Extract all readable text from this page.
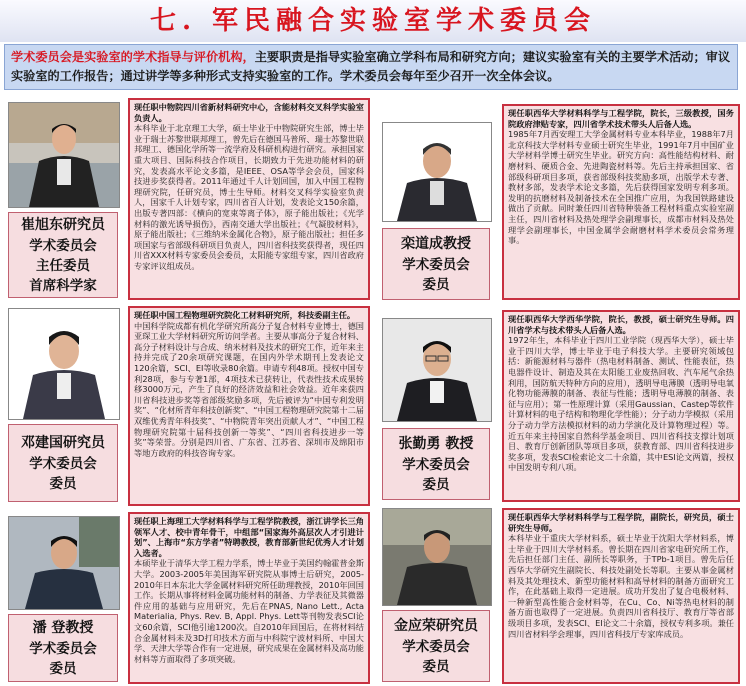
七. 军民融合实验室学术委员会
学术委员会是实验室的学术指导与评价机构，主要职责是指导实验室确立学科布局和研究方向；建议实验室有关的主要学术活动；审议实验室的工作报告；通过讲学等多种形式支持实验室的工作。学术委员会每年至少召开一次全体会议。
崔旭东研究员
学术委员会
主任委员
首席科学家
现任职中物院四川省新材料研究中心，含能材料交叉科学实验室负责人。
本科毕业于北京理工大学，硕士毕业于中物院研究生部，博士毕业于瑞士苏黎世联邦理工，曾先后在德国马普所、瑞士苏黎世联邦理工、德国化学所等一流学府及科研机构进行研究。承担国家重大项目、国际科技合作项目，长期致力于先进功能材料的研究，发表高水平论文多篇，是IEEE、OSA等学会会员，国家科技进步奖获得者。2011年通过千人计划回国，加入中国工程物理研究院，任研究员，博士生导师。材料交叉科学实验室负责人，国家千人计划专家，四川省百人计划，发表论文150余篇，出版专著四部：《横向的宽束等离子体》，原子能出版社；《光学材料的激光诱导损伤》，西南交通大学出版社；《气凝胶材料》，原子能出版社；《三维纳米金属化合物》，原子能出版社；担任多项国家与省部级科研项目负责人，四川省科技奖获得者，现任四川省XXX材料专家委员会委员，太阳能专家组专家，四川省政府专家评议组成员。
栾道成教授
学术委员会
委员
现任职西华大学材料科学与工程学院，院长，三级教授，国务院政府津贴专家，四川省学术技术带头人后备人选。
1985年7月西安理工大学金属材料专业本科毕业，1988年7月北京科技大学材料专业硕士研究生毕业，1991年7月中国矿业大学材料学博士研究生毕业。研究方向：高性能结构材料、耐磨材料、硬质合金、先进陶瓷材料等。先后主持承担国家、省部级科研项目多项，获省部级科技奖励多项，出版学术专著、教材多部，发表学术论文多篇，先后获得国家发明专利多项。发明的抗磨材料及制备技术在全国推广应用，为我国铁路建设做出了贡献。同时兼任四川省特种装备工程材料重点实验室副主任，四川省材料及热处理学会副理事长，成都市材料及热处理学会副理事长，中国金属学会耐磨材料学术委员会常务理事。
邓建国研究员
学术委员会
委员
现任职中国工程物理研究院化工材料研究所，科技委副主任。
中国科学院成都有机化学研究所高分子复合材料专业博士，德国亚琛工业大学材料研究所访问学者。主要从事高分子复合材料、高分子材料设计与合成、纳米材料及技术的研究工作，近年来主持并完成了20余项研究课题，在国内外学术期刊上发表论文120余篇，SCI、EI等收录80余篇。申请专利48项。授权中国专利28项，参与专著1部，4项技术已获转让，代表性技术成果转移3000万元，产生了良好的经济效益和社会效益。近年来获四川省科技进步奖等省部级奖励多项，先后被评为“中国专利发明奖”、“化材所青年科技创新奖”、“中国工程物理研究院第十二届双维优秀青年科技奖”、“中物院青年突出贡献人才”、“中国工程物理研究院第十届科技创新一等奖”、“四川省科技进步一等奖”等荣誉。分别是四川省、广东省、江苏省、深圳市及绵阳市等地方政府的科技咨询专家。
张勤勇 教授
学术委员会
委员
现任职西华大学西华学院，院长，教授，硕士研究生导师。四川省学术与技术带头人后备人选。
1972年生，本科毕业于四川工业学院（现西华大学），硕士毕业于四川大学，博士毕业于电子科技大学。主要研究领域包括：新能源材料与器件（热电材料制备、测试、性能表征，热电器件设计、制造及其在太阳能工业废热回收、汽车尾气余热利用，国防航天特种方向的应用），透明导电薄膜（透明导电氧化物功能薄膜的制备、表征与性能；透明导电薄膜的制备、表征与应用）；第一性原理计算（采用Gaussian、Castep等软件计算材料的电子结构和物理化学性能）；分子动力学模拟（采用分子动力学方法模拟材料的动力学演化及计算物理过程）等。近五年来主持国家自然科学基金项目、四川省科技支撑计划项目、教育厅创新团队等项目多项，获教育部、四川省科技进步奖多项，发表SCI检索论文二十余篇，其中ESI论文两篇，授权中国发明专利八项。
潘 登教授
学术委员会
委员
现任职上海理工大学材料科学与工程学院教授，浙江讲学长三角领军人才、校中青年骨干，中组部“国家海外高层次人才引进计划”、上海市“东方学者”特聘教授，教育部新世纪优秀人才计划入选者。
本硕毕业于清华大学工程力学系，博士毕业于美国约翰霍普金斯大学。2003-2005年美国海军研究院从事博士后研究，2005-2010年日本东北大学金属材料研究所任助理教授，2010年回国工作。长期从事将材料金属功能材料的制备、力学表征及其微器件应用的基础与应用研究，先后在PNAS, Nano Lett., Acta Materialia, Phys. Rev. B, Appl. Phys. Lett等刊物发表SCI论文60余篇，SCI他引逾1200次。自2010年回国后，在将材料结合金属材料未及3D打印技术方面与中科院宁波材料所、中国大学、天津大学等合作有一定进展，研究成果在金属材料及高功能材料等方面取得了多项突破。
金应荣研究员
学术委员会
委员
现任职西华大学材料科学与工程学院，副院长，研究员，硕士研究生导师。
本科毕业于重庆大学材料系，硕士毕业于沈阳大学材料系，博士毕业于四川大学材料系。曾长期在四川省家电研究所工作，先后担任部门主任、副所长等职务，于TPb-1项目。曾先后任西华大学研究生副院长、科技处副处长等职。主要从事金属材料及其处理技术、新型功能材料和高导材料的制备方面研究工作，在此基础上取得一定进展。成功开发出了复合电极材料、一种新型高性能合金材料等，在Cu、Co、Ni等热电材料的制备方面也取得了一定进展。负责四川省科技厅、教育厅等省部级项目多项，发表SCI、EI论文二十余篇，授权专利多项。兼任四川省材料学会理事，四川省科技厅专家库成员。
